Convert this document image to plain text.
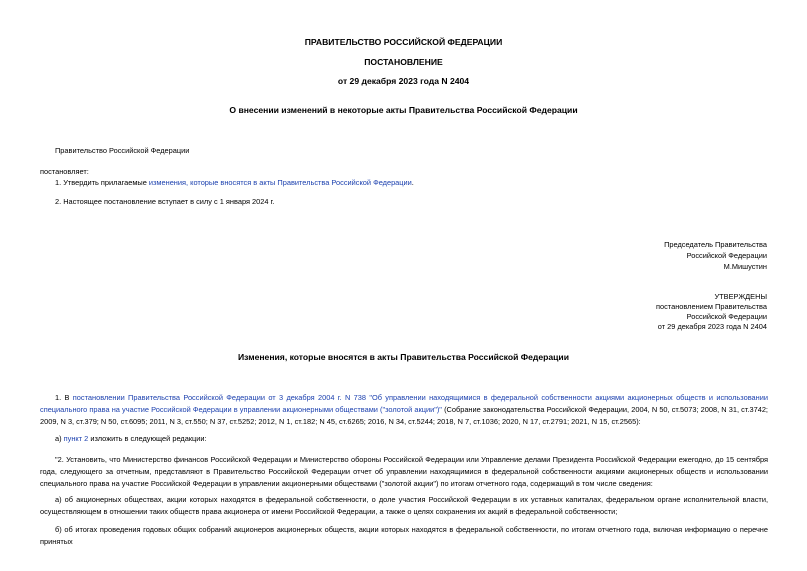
ПРАВИТЕЛЬСТВО РОССИЙСКОЙ ФЕДЕРАЦИИ
ПОСТАНОВЛЕНИЕ
от 29 декабря 2023 года N 2404
О внесении изменений в некоторые акты Правительства Российской Федерации
Правительство Российской Федерации
постановляет:
1. Утвердить прилагаемые изменения, которые вносятся в акты Правительства Российской Федерации.
2. Настоящее постановление вступает в силу с 1 января 2024 г.
Председатель Правительства
Российской Федерации
М.Мишустин
УТВЕРЖДЕНЫ
постановлением Правительства
Российской Федерации
от 29 декабря 2023 года N 2404
Изменения, которые вносятся в акты Правительства Российской Федерации
1. В постановлении Правительства Российской Федерации от 3 декабря 2004 г. N 738 "Об управлении находящимися в федеральной собственности акциями акционерных обществ и использовании специального права на участие Российской Федерации в управлении акционерными обществами ("золотой акции")" (Собрание законодательства Российской Федерации, 2004, N 50, ст.5073; 2008, N 31, ст.3742; 2009, N 3, ст.379; N 50, ст.6095; 2011, N 3, ст.550; N 37, ст.5252; 2012, N 1, ст.182; N 45, ст.6265; 2016, N 34, ст.5244; 2018, N 7, ст.1036; 2020, N 17, ст.2791; 2021, N 15, ст.2565):
а) пункт 2 изложить в следующей редакции:
"2. Установить, что Министерство финансов Российской Федерации и Министерство обороны Российской Федерации или Управление делами Президента Российской Федерации ежегодно, до 15 сентября года, следующего за отчетным, представляют в Правительство Российской Федерации отчет об управлении находящимися в федеральной собственности акциями акционерных обществ и использовании специального права на участие Российской Федерации в управлении акционерными обществами ("золотой акции") по итогам отчетного года, содержащий в том числе сведения:
а) об акционерных обществах, акции которых находятся в федеральной собственности, о доле участия Российской Федерации в их уставных капиталах, федеральном органе исполнительной власти, осуществляющем в отношении таких обществ права акционера от имени Российской Федерации, а также о целях сохранения их акций в федеральной собственности;
б) об итогах проведения годовых общих собраний акционеров акционерных обществ, акции которых находятся в федеральной собственности, по итогам отчетного года, включая информацию о перечне принятых
